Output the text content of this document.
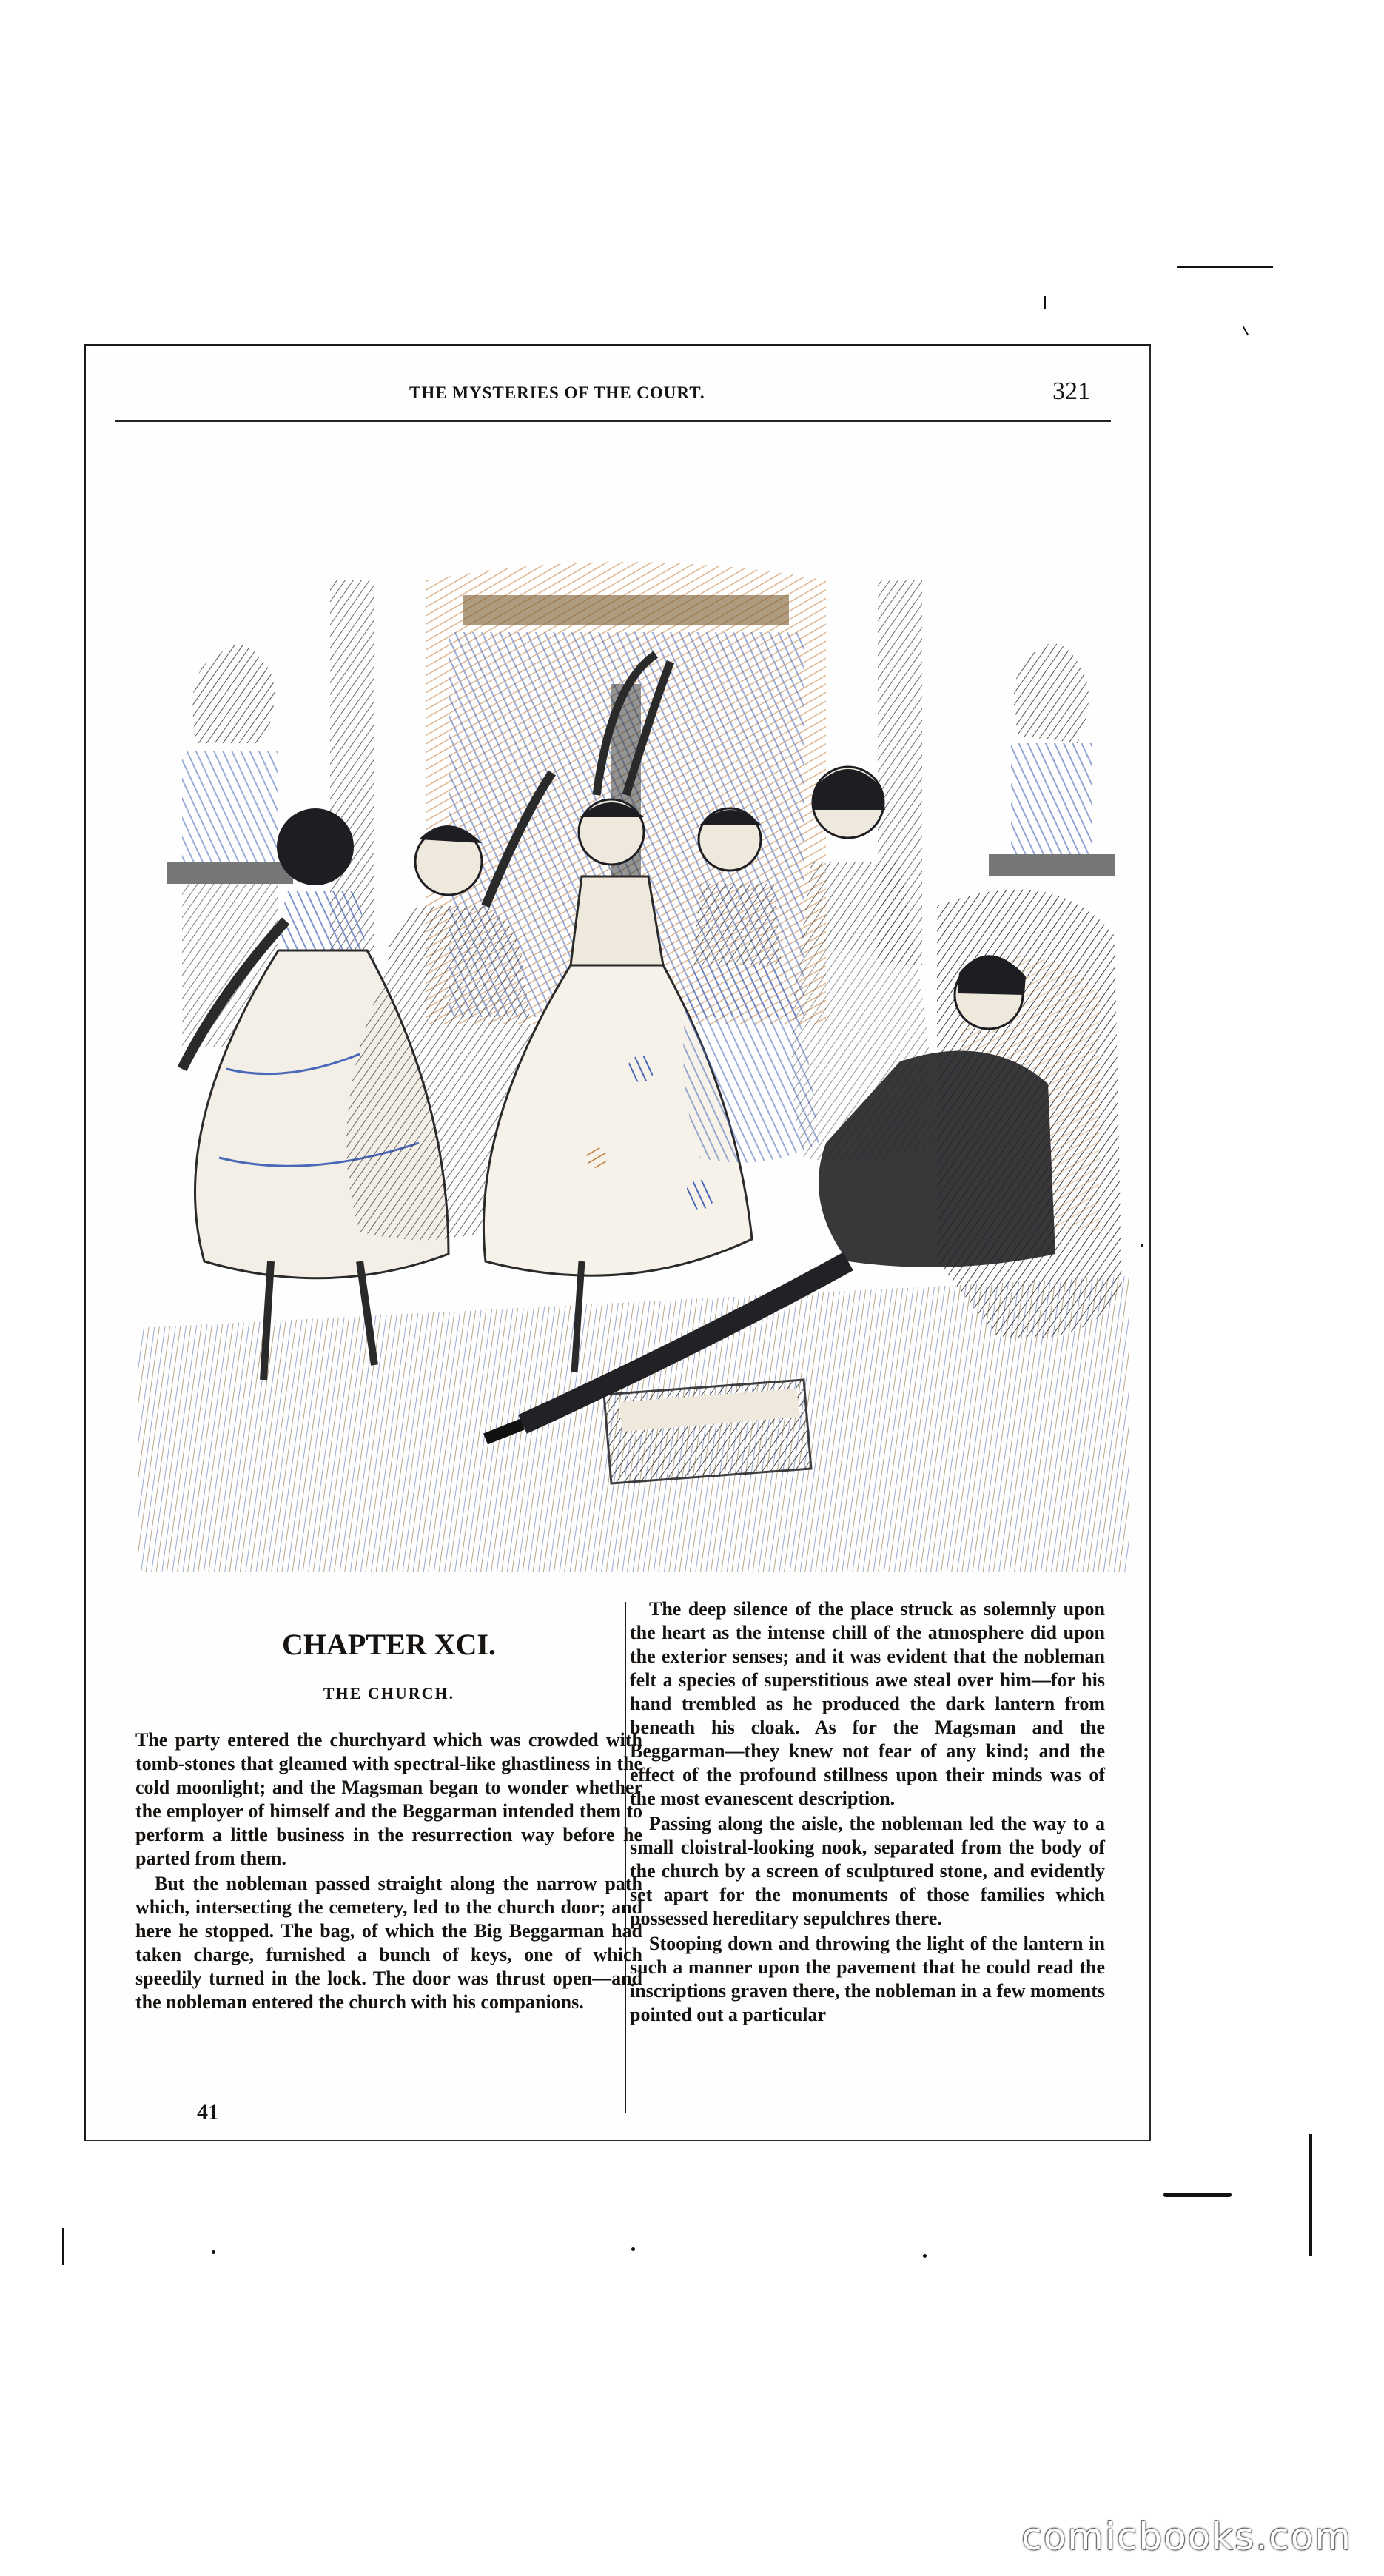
THE MYSTERIES OF THE COURT.	321
CHAPTER XCI.
THE CHURCH.

The party entered the churchyard which was crowded with tomb-stones that gleamed with spectral-like ghastliness in the cold moonlight; and the Magsman began to wonder whether the employer of himself and the Beggarman intended them to perform a little business in the resurrection way before he parted from them.

But the nobleman passed straight along the narrow path which, intersecting the cemetery, led to the church door; and here he stopped. The bag, of which the Big Beggarman had taken charge, furnished a bunch of keys, one of which speedily turned in the lock. The door was thrust open—and the nobleman entered the church with his companions.

The deep silence of the place struck as solemnly upon the heart as the intense chill of the atmosphere did upon the exterior senses; and it was evident that the nobleman felt a species of superstitious awe steal over him—for his hand trembled as he produced the dark lantern from beneath his cloak. As for the Magsman and the Beggarman—they knew not fear of any kind; and the effect of the profound stillness upon their minds was of the most evanescent description.

Passing along the aisle, the nobleman led the way to a small cloistral-looking nook, separated from the body of the church by a screen of sculptured stone, and evidently set apart for the monuments of those families which possessed hereditary sepulchres there.

Stooping down and throwing the light of the lantern in such a manner upon the pavement that he could read the inscriptions graven there, the nobleman in a few moments pointed out a particular

41
comicbooks.com
